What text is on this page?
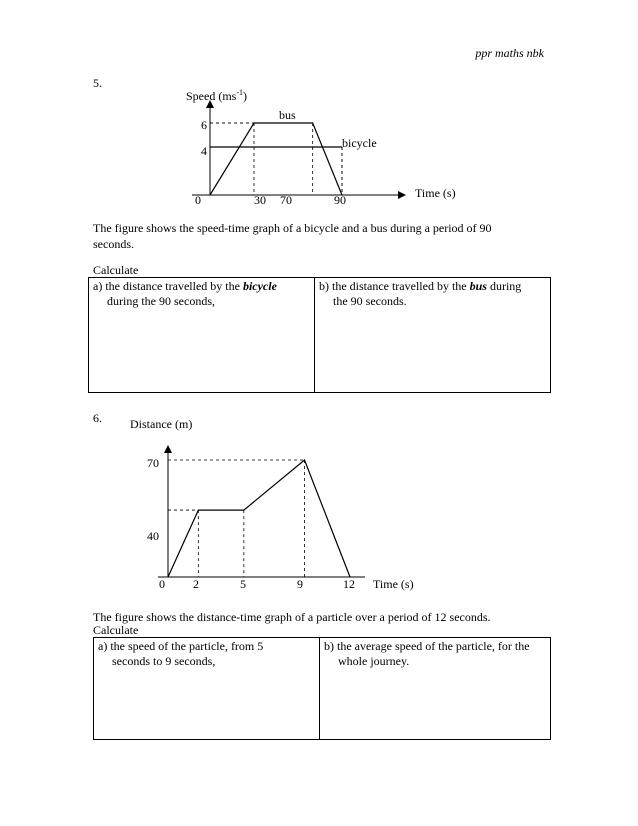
ppr maths nbk
5.
Speed $(ms^{-1})$
0	30 70	90
6
4
Time (s)
bus
bicycle
The figure shows the speed-time graph of a bicycle and a bus during a period of 90 seconds.
Calculate
a) the distance travelled by the bicycle
during the 90 seconds,
b) the distance travelled by the bus during
the 90 seconds.
6. Distance (m)
70
40
0 2	5	9	12 Time (s)
The figure shows the distance-time graph of a particle over a period of 12 seconds.
Calculate
a) the speed of the particle, from 5
seconds to 9 seconds,
b) the average speed of the particle, for the
whole journey.
